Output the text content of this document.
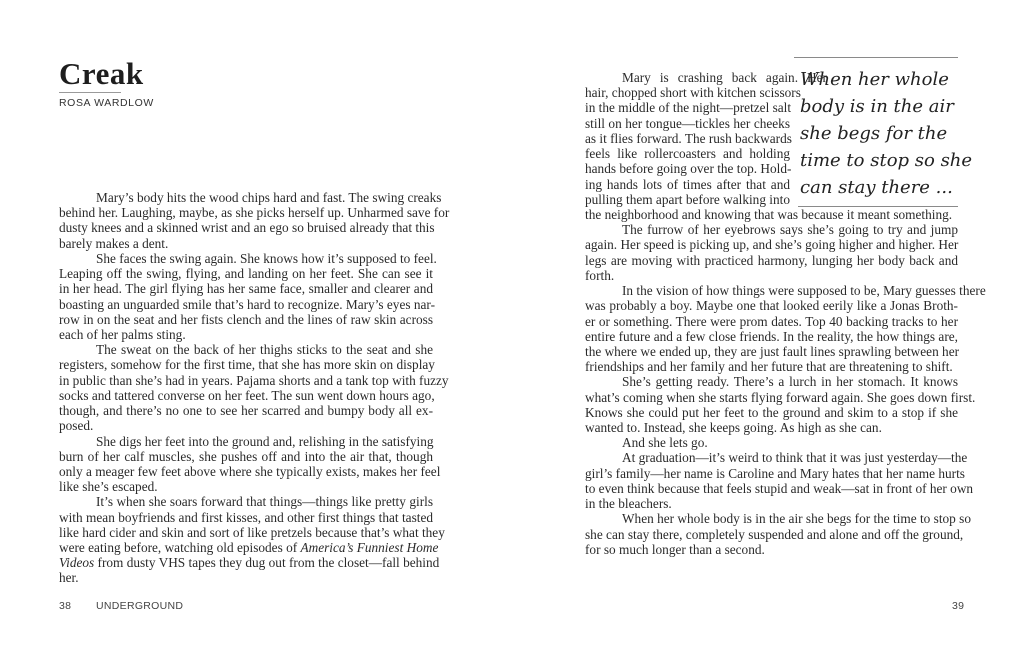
Creak
ROSA WARDLOW
Mary’s body hits the wood chips hard and fast. The swing creaks
behind her. Laughing, maybe, as she picks herself up. Unharmed save for
dusty knees and a skinned wrist and an ego so bruised already that this
barely makes a dent.
She faces the swing again. She knows how it’s supposed to feel.
Leaping off the swing, flying, and landing on her feet. She can see it
in her head. The girl flying has her same face, smaller and clearer and
boasting an unguarded smile that’s hard to recognize. Mary’s eyes nar-
row in on the seat and her fists clench and the lines of raw skin across
each of her palms sting.
The sweat on the back of her thighs sticks to the seat and she
registers, somehow for the first time, that she has more skin on display
in public than she’s had in years. Pajama shorts and a tank top with fuzzy
socks and tattered converse on her feet. The sun went down hours ago,
though, and there’s no one to see her scarred and bumpy body all ex-
posed.
She digs her feet into the ground and, relishing in the satisfying
burn of her calf muscles, she pushes off and into the air that, though
only a meager few feet above where she typically exists, makes her feel
like she’s escaped.
It’s when she soars forward that things—things like pretty girls
with mean boyfriends and first kisses, and other first things that tasted
like hard cider and skin and sort of like pretzels because that’s what they
were eating before, watching old episodes of America’s Funniest Home
Videos from dusty VHS tapes they dug out from the closet—fall behind
her.
When her whole
body is in the air
she begs for the
time to stop so she
can stay there ...
Mary is crashing back again. Her
hair, chopped short with kitchen scissors
in the middle of the night—pretzel salt
still on her tongue—tickles her cheeks
as it flies forward. The rush backwards
feels like rollercoasters and holding
hands before going over the top. Hold-
ing hands lots of times after that and
pulling them apart before walking into
the neighborhood and knowing that was because it meant something.
The furrow of her eyebrows says she’s going to try and jump
again. Her speed is picking up, and she’s going higher and higher. Her
legs are moving with practiced harmony, lunging her body back and
forth.
In the vision of how things were supposed to be, Mary guesses there
was probably a boy. Maybe one that looked eerily like a Jonas Broth-
er or something. There were prom dates. Top 40 backing tracks to her
entire future and a few close friends. In the reality, the how things are,
the where we ended up, they are just fault lines sprawling between her
friendships and her family and her future that are threatening to shift.
She’s getting ready. There’s a lurch in her stomach. It knows
what’s coming when she starts flying forward again. She goes down first.
Knows she could put her feet to the ground and skim to a stop if she
wanted to. Instead, she keeps going. As high as she can.
And she lets go.
At graduation—it’s weird to think that it was just yesterday—the
girl’s family—her name is Caroline and Mary hates that her name hurts
to even think because that feels stupid and weak—sat in front of her own
in the bleachers.
When her whole body is in the air she begs for the time to stop so
she can stay there, completely suspended and alone and off the ground,
for so much longer than a second.
38 UNDERGROUND	39
